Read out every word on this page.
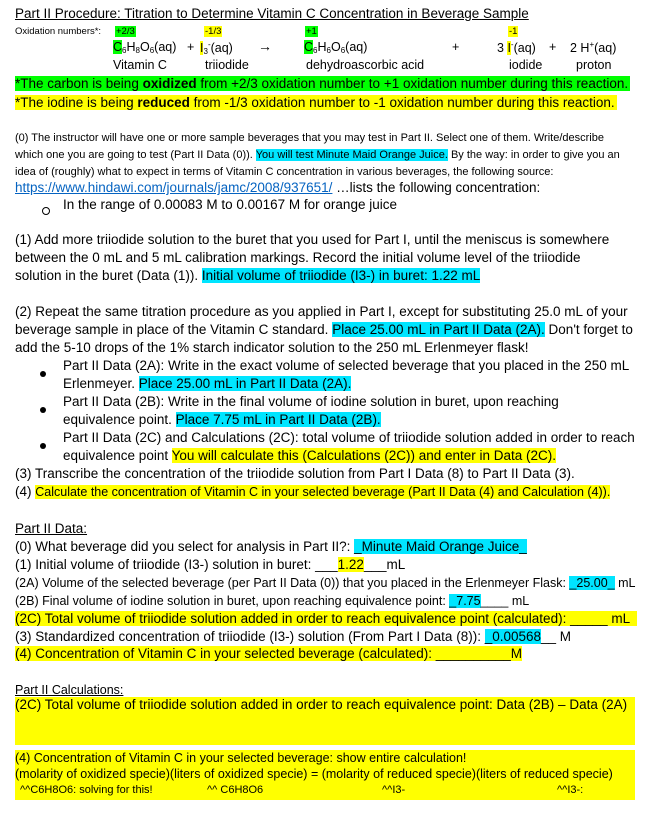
Part II Procedure: Titration to Determine Vitamin C Concentration in Beverage Sample
Oxidation numbers*: +2/3	-1/3	+1	-1
$C_6H_8O_6(aq) + I_3^-(aq)$ →	$C_6H_6O_6(aq)$	+	3 I-(aq) + 2 H+(aq)
Vitamin C	triiodide	dehydroascorbic acid	iodide	proton
*The carbon is being oxidized from +2/3 oxidation number to +1 oxidation number during this reaction.
*The iodine is being reduced from -1/3 oxidation number to -1 oxidation number during this reaction.
(0) The instructor will have one or more sample beverages that you may test in Part II. Select one of them. Write/describe
which one you are going to test (Part II Data (0)). You will test Minute Maid Orange Juice. By the way: in order to give you an
idea of (roughly) what to expect in terms of Vitamin C concentration in various beverages, the following source:
https://www.hindawi.com/journals/jamc/2008/937651/ …lists the following concentration:
In the range of 0.00083 M to 0.00167 M for orange juice
(1) Add more triiodide solution to the buret that you used for Part I, until the meniscus is somewhere
between the 0 mL and 5 mL calibration markings. Record the initial volume level of the triiodide
solution in the buret (Data (1)). Initial volume of triiodide (I3-) in buret: 1.22 mL
(2) Repeat the same titration procedure as you applied in Part I, except for substituting 25.0 mL of your
beverage sample in place of the Vitamin C standard. Place 25.00 mL in Part II Data (2A). Don't forget to
add the 5-10 drops of the 1% starch indicator solution to the 250 mL Erlenmeyer flask!
Part II Data (2A): Write in the exact volume of selected beverage that you placed in the 250 mL
Erlenmeyer. Place 25.00 mL in Part II Data (2A).
Part II Data (2B): Write in the final volume of iodine solution in buret, upon reaching
equivalence point. Place 7.75 mL in Part II Data (2B).
Part II Data (2C) and Calculations (2C): total volume of triiodide solution added in order to reach
equivalence point You will calculate this (Calculations (2C)) and enter in Data (2C).
(3) Transcribe the concentration of the triiodide solution from Part I Data (8) to Part II Data (3).
(4) Calculate the concentration of Vitamin C in your selected beverage (Part II Data (4) and Calculation (4)).
Part II Data:
(0) What beverage did you select for analysis in Part II?: _Minute Maid Orange Juice_
(1) Initial volume of triiodide (I3-) solution in buret: ___1.22___mL
(2A) Volume of the selected beverage (per Part II Data (0)) that you placed in the Erlenmeyer Flask: _25.00_ mL
(2B) Final volume of iodine solution in buret, upon reaching equivalence point: _7.75____ mL
(2C) Total volume of triiodide solution added in order to reach equivalence point (calculated): _____ mL
(3) Standardized concentration of triiodide (I3-) solution (From Part I Data (8)): _0.00568__ M
(4) Concentration of Vitamin C in your selected beverage (calculated): __________M
Part II Calculations:
(2C) Total volume of triiodide solution added in order to reach equivalence point: Data (2B) – Data (2A)
(4) Concentration of Vitamin C in your selected beverage: show entire calculation!
(molarity of oxidized specie)(liters of oxidized specie) = (molarity of reduced specie)(liters of reduced specie)
^^C6H8O6: solving for this!	^^ C6H8O6	^^I3-	^^I3-:
